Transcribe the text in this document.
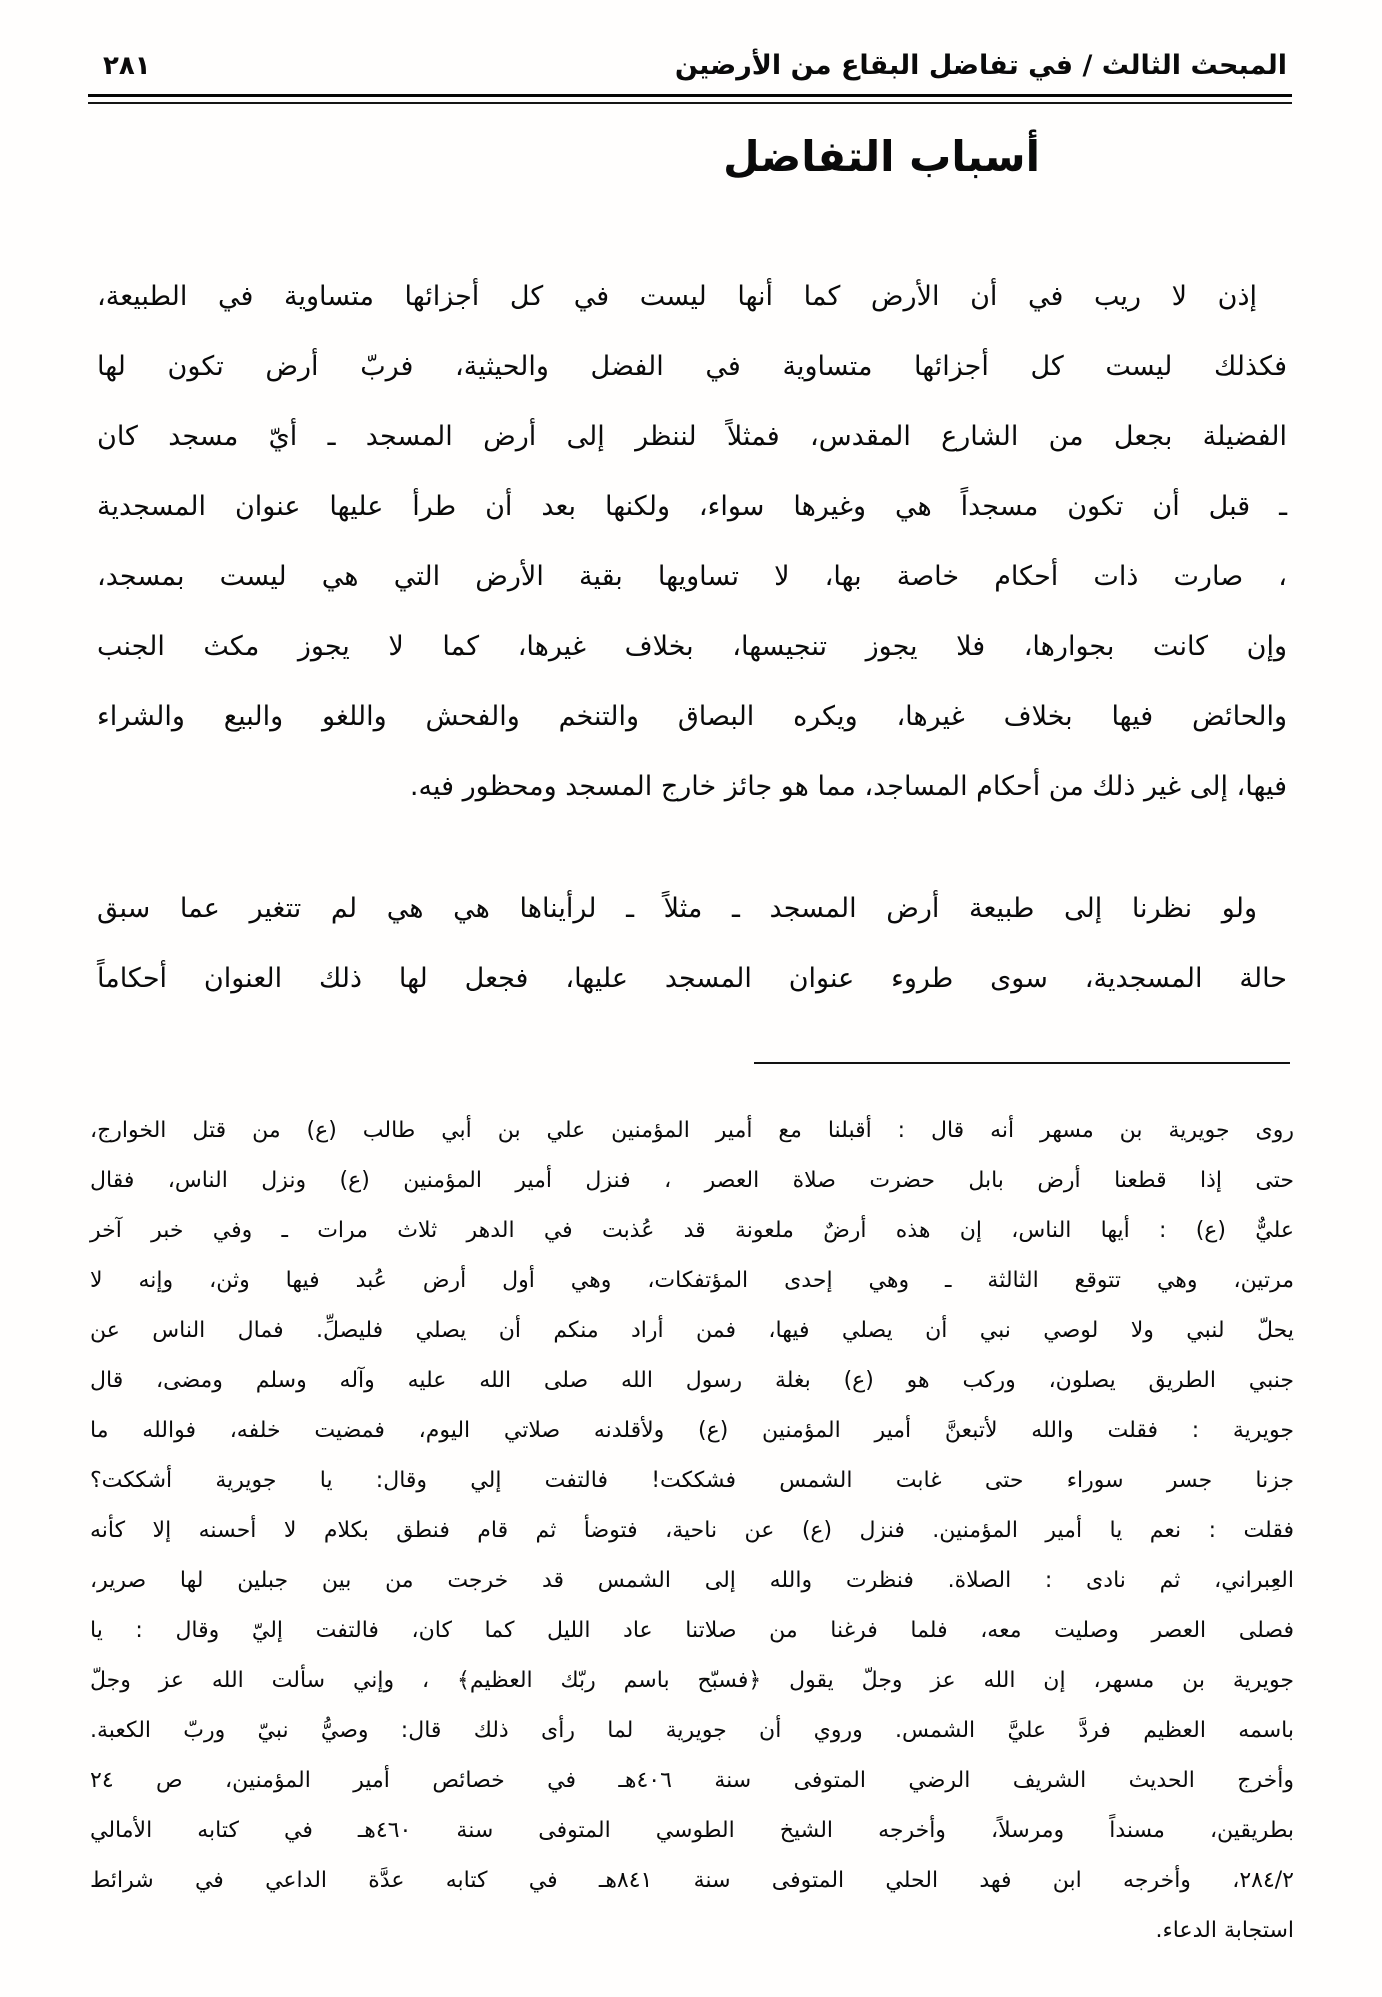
المبحث الثالث / في تفاضل البقاع من الأرضين
٢٨١
أسباب التفاضل
إذن لا ريب في أن الأرض كما أنها ليست في كل أجزائها متساوية في الطبيعة،
فكذلك ليست كل أجزائها متساوية في الفضل والحيثية، فربّ أرض تكون لها
الفضيلة بجعل من الشارع المقدس، فمثلاً لننظر إلى أرض المسجد ـ أيّ مسجد كان
ـ قبل أن تكون مسجداً هي وغيرها سواء، ولكنها بعد أن طرأ عليها عنوان المسجدية
، صارت ذات أحكام خاصة بها، لا تساويها بقية الأرض التي هي ليست بمسجد،
وإن كانت بجوارها، فلا يجوز تنجيسها، بخلاف غيرها، كما لا يجوز مكث الجنب
والحائض فيها بخلاف غيرها، ويكره البصاق والتنخم والفحش واللغو والبيع والشراء
فيها، إلى غير ذلك من أحكام المساجد، مما هو جائز خارج المسجد ومحظور فيه.
ولو نظرنا إلى طبيعة أرض المسجد ـ مثلاً ـ لرأيناها هي هي لم تتغير عما سبق
حالة المسجدية، سوى طروء عنوان المسجد عليها، فجعل لها ذلك العنوان أحكاماً
روى جويرية بن مسهر أنه قال : أقبلنا مع أمير المؤمنين علي بن أبي طالب (ع) من قتل الخوارج،
حتى إذا قطعنا أرض بابل حضرت صلاة العصر ، فنزل أمير المؤمنين (ع) ونزل الناس، فقال
عليٌّ (ع) : أيها الناس، إن هذه أرضٌ ملعونة قد عُذبت في الدهر ثلاث مرات ـ وفي خبر آخر
مرتين، وهي تتوقع الثالثة ـ وهي إحدى المؤتفكات، وهي أول أرض عُبد فيها وثن، وإنه لا
يحلّ لنبي ولا لوصي نبي أن يصلي فيها، فمن أراد منكم أن يصلي فليصلِّ. فمال الناس عن
جنبي الطريق يصلون، وركب هو (ع) بغلة رسول الله صلى الله عليه وآله وسلم ومضى، قال
جويرية : فقلت والله لأتبعنَّ أمير المؤمنين (ع) ولأقلدنه صلاتي اليوم، فمضيت خلفه، فوالله ما
جزنا جسر سوراء حتى غابت الشمس فشككت! فالتفت إلي وقال: يا جويرية أشككت؟
فقلت : نعم يا أمير المؤمنين. فنزل (ع) عن ناحية، فتوضأ ثم قام فنطق بكلام لا أحسنه إلا كأنه
العِبراني، ثم نادى : الصلاة. فنظرت والله إلى الشمس قد خرجت من بين جبلين لها صرير،
فصلى العصر وصليت معه، فلما فرغنا من صلاتنا عاد الليل كما كان، فالتفت إليّ وقال : يا
جويرية بن مسهر، إن الله عز وجلّ يقول ﴿فسبّح باسم ربّك العظيم﴾ ، وإني سألت الله عز وجلّ
باسمه العظيم فردَّ عليَّ الشمس. وروي أن جويرية لما رأى ذلك قال: وصيُّ نبيّ وربّ الكعبة.
وأخرج الحديث الشريف الرضي المتوفى سنة ٤٠٦هـ في خصائص أمير المؤمنين، ص ٢٤
بطريقين، مسنداً ومرسلاً، وأخرجه الشيخ الطوسي المتوفى سنة ٤٦٠هـ في كتابه الأمالي
٢٨٤/٢، وأخرجه ابن فهد الحلي المتوفى سنة ٨٤١هـ في كتابه عدَّة الداعي في شرائط
استجابة الدعاء.
